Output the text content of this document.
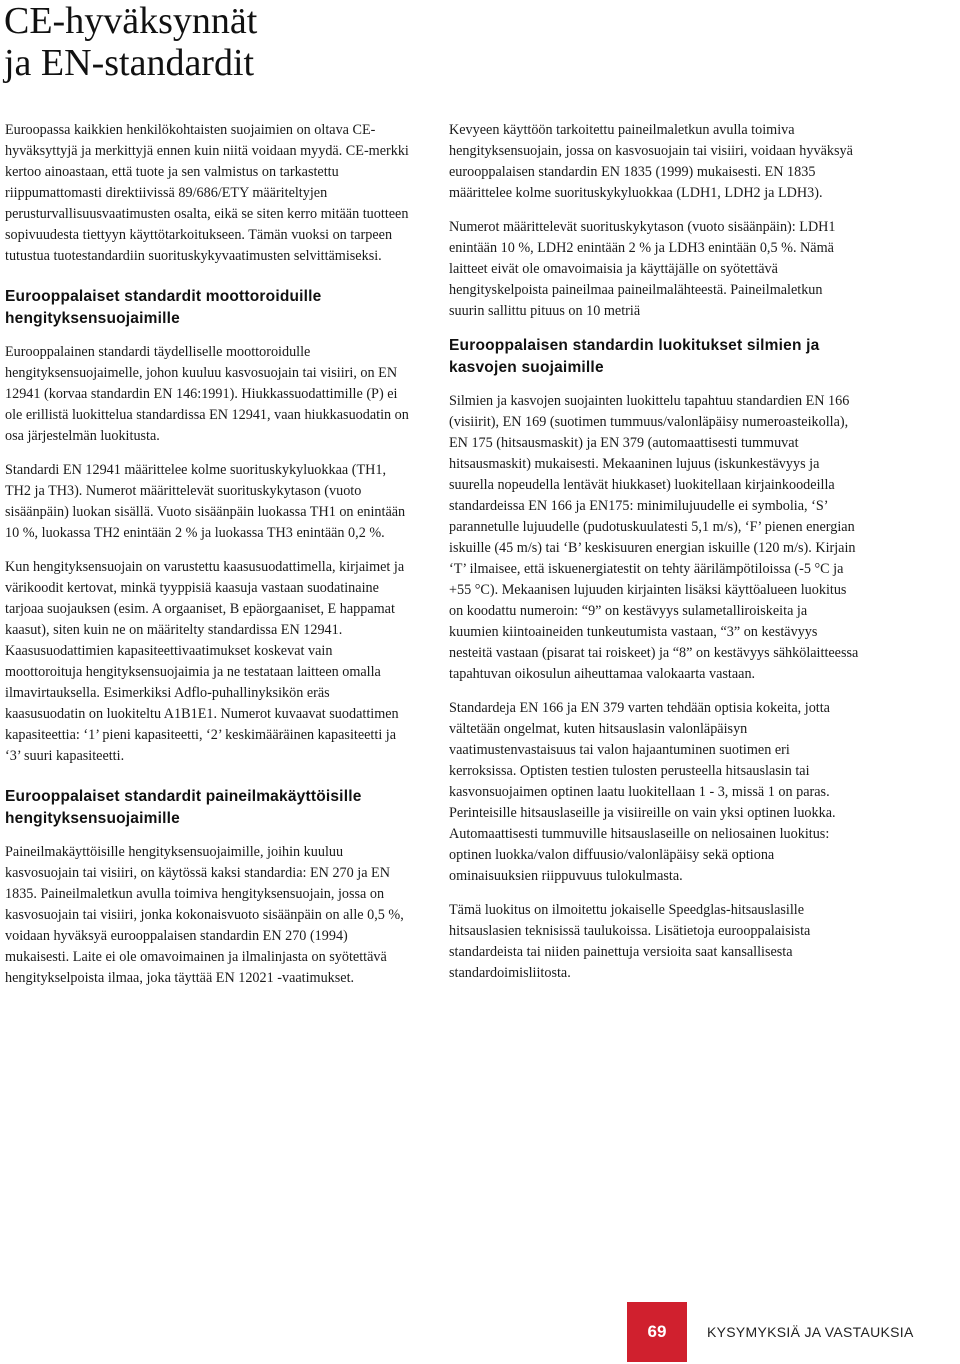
CE-hyväksynnät
ja EN-standardit

Euroopassa kaikkien henkilökohtaisten suojaimien on oltava CE-hyväksyttyjä ja merkittyjä ennen kuin niitä voidaan myydä. CE-merkki kertoo ainoastaan, että tuote ja sen valmistus on tarkastettu riippumattomasti direktiivissä 89/686/ETY määriteltyjen perusturvallisuusvaatimusten osalta, eikä se siten kerro mitään tuotteen sopivuudesta tiettyyn käyttötarkoitukseen. Tämän vuoksi on tarpeen tutustua tuotestandardiin suorituskykyvaatimusten selvittämiseksi.

Eurooppalaiset standardit moottoroiduille hengityksensuojaimille

Eurooppalainen standardi täydelliselle moottoroidulle hengityksensuojaimelle, johon kuuluu kasvosuojain tai visiiri, on EN 12941 (korvaa standardin EN 146:1991). Hiukkassuodattimille (P) ei ole erillistä luokittelua standardissa EN 12941, vaan hiukkasuodatin on osa järjestelmän luokitusta.

Standardi EN 12941 määrittelee kolme suorituskykyluokkaa (TH1, TH2 ja TH3). Numerot määrittelevät suorituskykytason (vuoto sisäänpäin) luokan sisällä. Vuoto sisäänpäin luokassa TH1 on enintään 10 %, luokassa TH2 enintään 2 % ja luokassa TH3 enintään 0,2 %.

Kun hengityksensuojain on varustettu kaasusuodattimella, kirjaimet ja värikoodit kertovat, minkä tyyppisiä kaasuja vastaan suodatinaine tarjoaa suojauksen (esim. A orgaaniset, B epäorgaaniset, E happamat kaasut), siten kuin ne on määritelty standardissa EN 12941. Kaasusuodattimien kapasiteettivaatimukset koskevat vain moottoroituja hengityksensuojaimia ja ne testataan laitteen omalla ilmavirtauksella. Esimerkiksi Adflo-puhallinyksikön eräs kaasusuodatin on luokiteltu A1B1E1. Numerot kuvaavat suodattimen kapasiteettia: ‘1’ pieni kapasiteetti, ‘2’ keskimääräinen kapasiteetti ja ‘3’ suuri kapasiteetti.

Eurooppalaiset standardit paineilmakäyttöisille hengityksensuojaimille

Paineilmakäyttöisille hengityksensuojaimille, joihin kuuluu kasvosuojain tai visiiri, on käytössä kaksi standardia: EN 270 ja EN 1835. Paineilmaletkun avulla toimiva hengityksensuojain, jossa on kasvosuojain tai visiiri, jonka kokonaisvuoto sisäänpäin on alle 0,5 %, voidaan hyväksyä eurooppalaisen standardin EN 270 (1994) mukaisesti. Laite ei ole omavoimainen ja ilmalinjasta on syötettävä hengitykselpoista ilmaa, joka täyttää EN 12021 -vaatimukset.

Kevyeen käyttöön tarkoitettu paineilmaletkun avulla toimiva hengityksensuojain, jossa on kasvosuojain tai visiiri, voidaan hyväksyä eurooppalaisen standardin EN 1835 (1999) mukaisesti. EN 1835 määrittelee kolme suorituskykyluokkaa (LDH1, LDH2 ja LDH3).

Numerot määrittelevät suorituskykytason (vuoto sisäänpäin): LDH1 enintään 10 %, LDH2 enintään 2 % ja LDH3 enintään 0,5 %. Nämä laitteet eivät ole omavoimaisia ja käyttäjälle on syötettävä hengityskelpoista paineilmaa paineilmalähteestä. Paineilmaletkun suurin sallittu pituus on 10 metriä

Eurooppalaisen standardin luokitukset silmien ja kasvojen suojaimille

Silmien ja kasvojen suojainten luokittelu tapahtuu standardien EN 166 (visiirit), EN 169 (suotimen tummuus/valonläpäisy numeroasteikolla), EN 175 (hitsausmaskit) ja EN 379 (automaattisesti tummuvat hitsausmaskit) mukaisesti. Mekaaninen lujuus (iskunkestävyys ja suurella nopeudella lentävät hiukkaset) luokitellaan kirjainkoodeilla standardeissa EN 166 ja EN175: minimilujuudelle ei symbolia, ‘S’ parannetulle lujuudelle (pudotuskuulatesti 5,1 m/s), ‘F’ pienen energian iskuille (45 m/s) tai ‘B’ keskisuuren energian iskuille (120 m/s). Kirjain ‘T’ ilmaisee, että iskuenergiatestit on tehty äärilämpötiloissa (-5 °C ja +55 °C). Mekaanisen lujuuden kirjainten lisäksi käyttöalueen luokitus on koodattu numeroin: “9” on kestävyys sulametalliroiskeita ja kuumien kiintoaineiden tunkeutumista vastaan, “3” on kestävyys nesteitä vastaan (pisarat tai roiskeet) ja “8” on kestävyys sähkölaitteessa tapahtuvan oikosulun aiheuttamaa valokaarta vastaan.

Standardeja EN 166 ja EN 379 varten tehdään optisia kokeita, jotta vältetään ongelmat, kuten hitsauslasin valonläpäisyn vaatimustenvastaisuus tai valon hajaantuminen suotimen eri kerroksissa. Optisten testien tulosten perusteella hitsauslasin tai kasvonsuojaimen optinen laatu luokitellaan 1 - 3, missä 1 on paras. Perinteisille hitsauslaseille ja visiireille on vain yksi optinen luokka. Automaattisesti tummuville hitsauslaseille on neliosainen luokitus: optinen luokka/valon diffuusio/valonläpäisy sekä optiona ominaisuuksien riippuvuus tulokulmasta.

Tämä luokitus on ilmoitettu jokaiselle Speedglas-hitsauslasille hitsauslasien teknisissä taulukoissa. Lisätietoja eurooppalaisista standardeista tai niiden painettuja versioita saat kansallisesta standardoimisliitosta.

69	KYSYMYKSIÄ JA VASTAUKSIA
